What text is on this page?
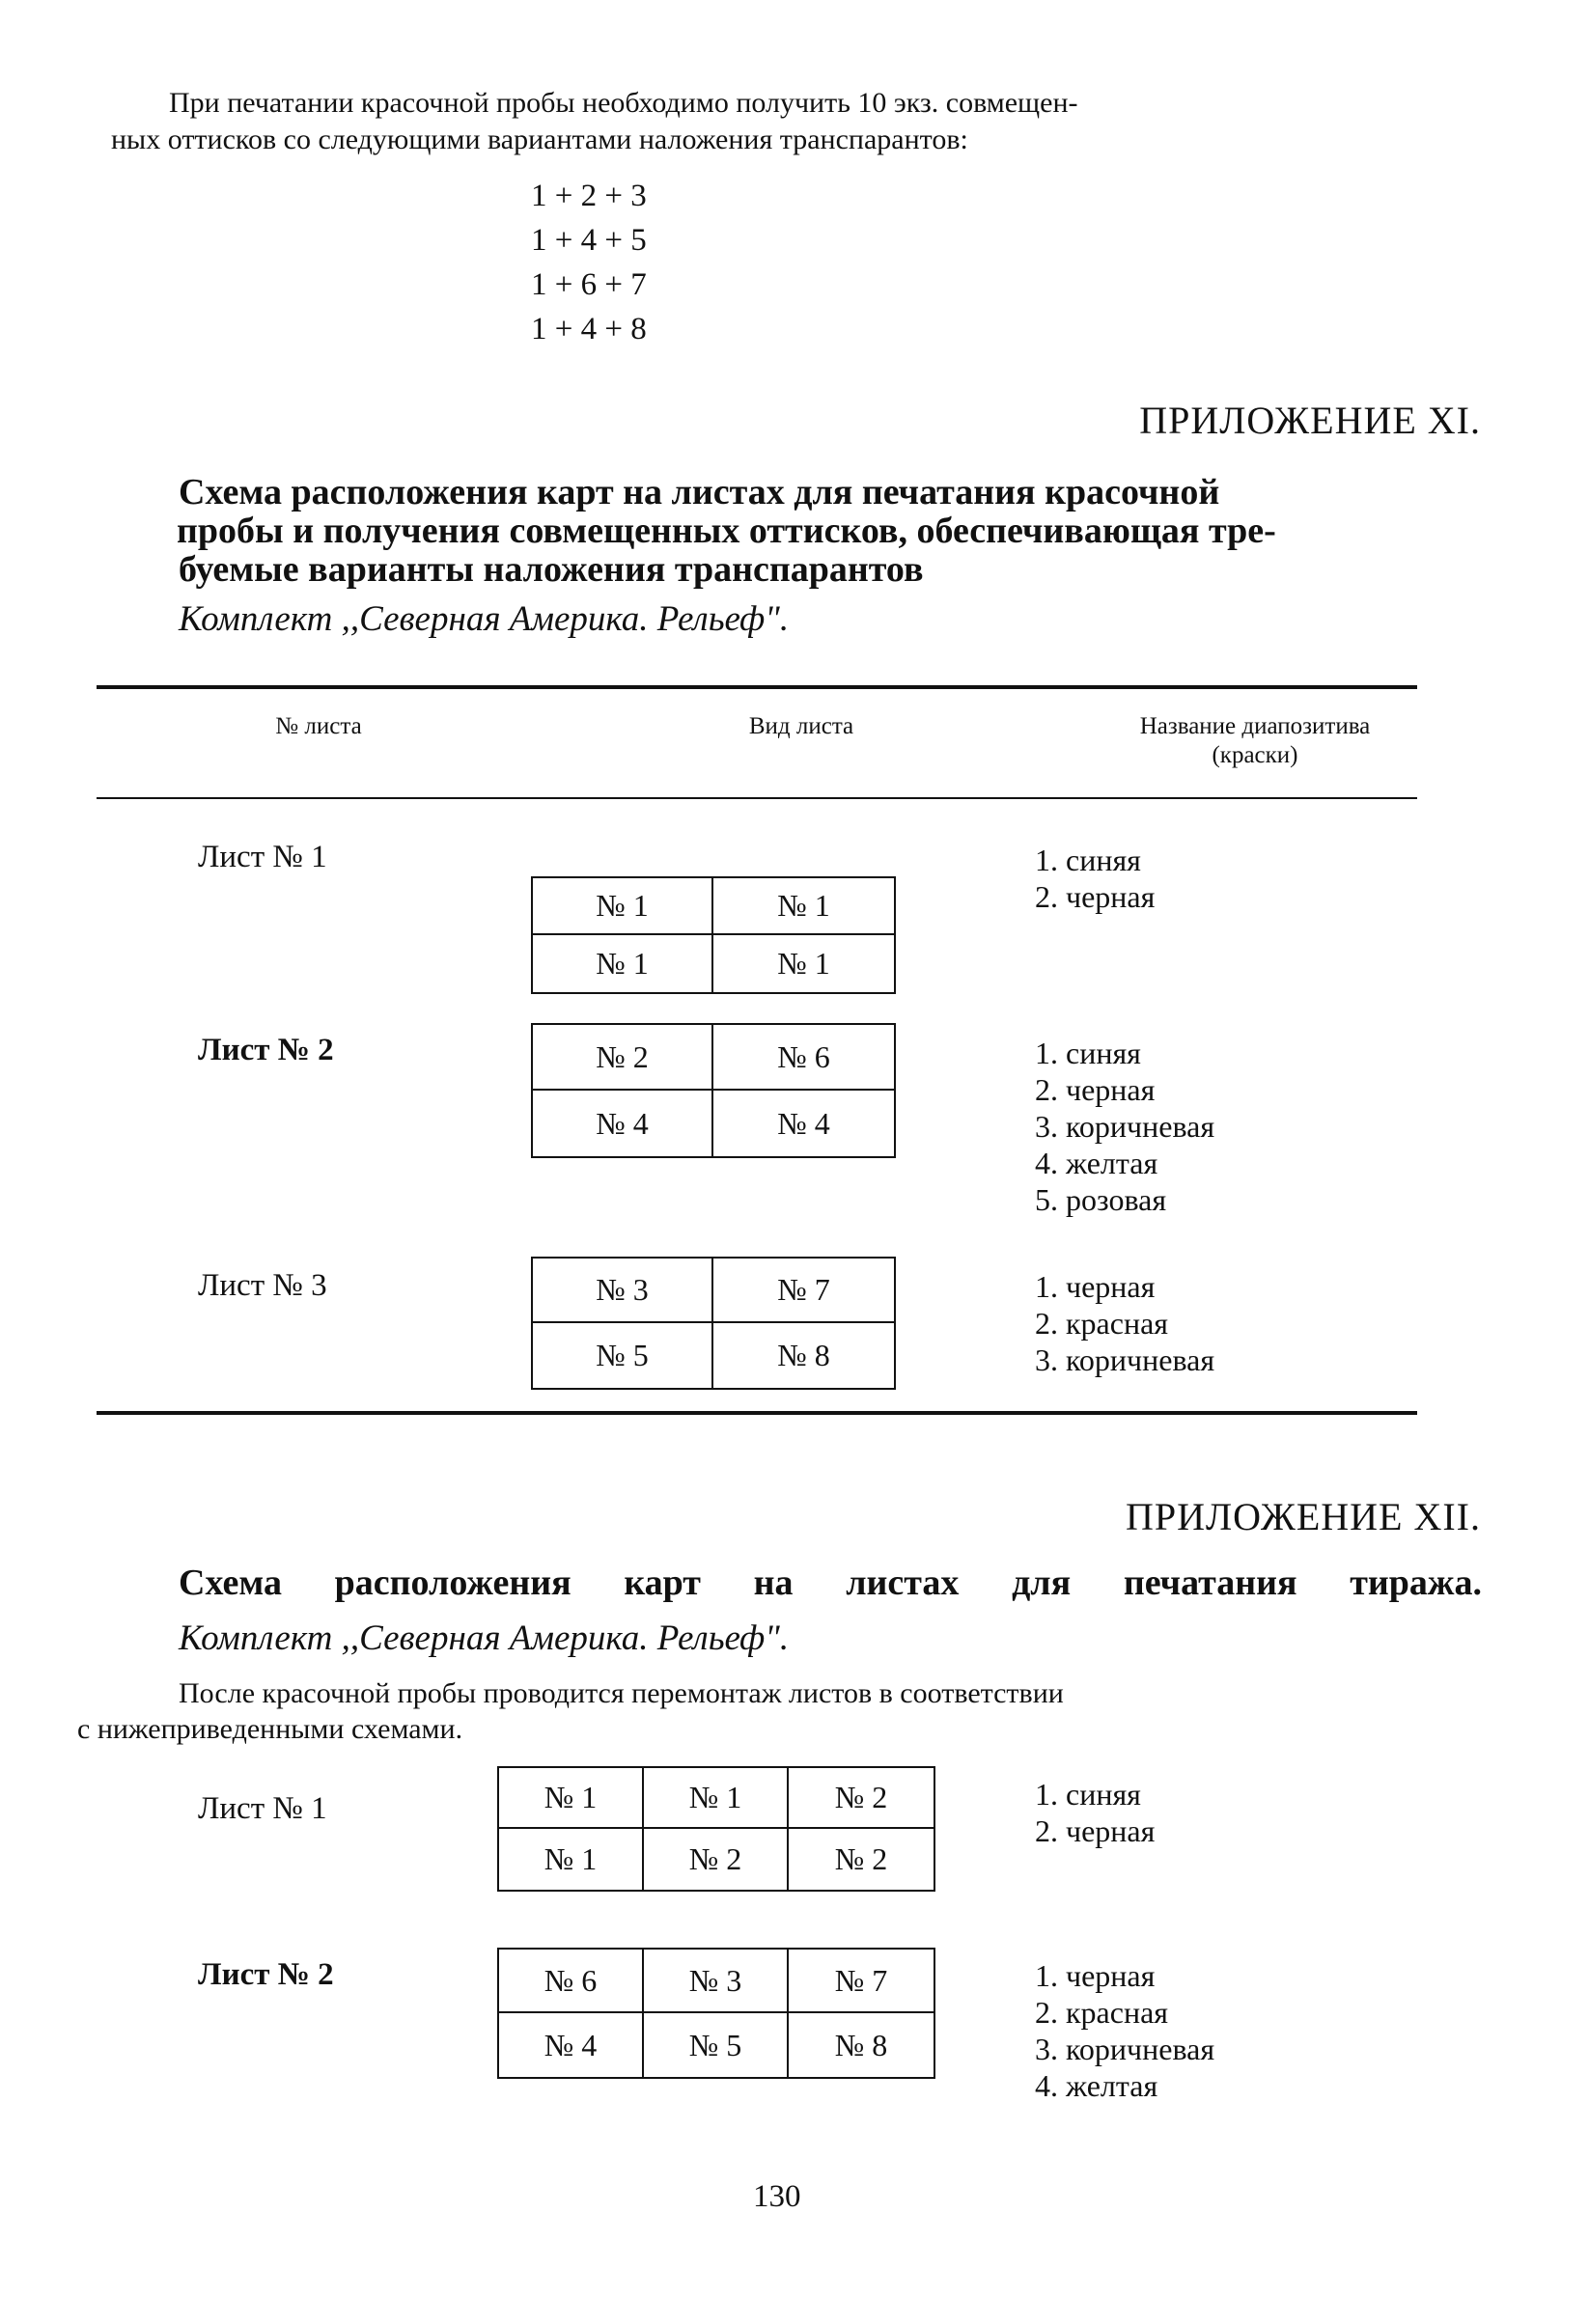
При печатании красочной пробы необходимо получить 10 экз. совмещен-
ных оттисков со следующими вариантами наложения транспарантов:

1 + 2 + 3
1 + 4 + 5
1 + 6 + 7
1 + 4 + 8
ПРИЛОЖЕНИЕ XI.

Схема расположения карт на листах для печатания красочной
пробы и получения совмещенных оттисков, обеспечивающая тре-
буемые варианты наложения транспарантов

Комплект ,,Северная Америка. Рельеф".
№ листа	Вид листа	Название диапозитива
(краски)
Лист № 1
№ 1	№ 1
№ 1	№ 1
1. синяя
2. черная
Лист № 2	№ 2	№ 6
№ 4	№ 4
1. синяя
2. черная
3. коричневая
4. желтая
5. розовая
Лист № 3	№ 3	№ 7
№ 5	№ 8
1. черная
2. красная
3. коричневая
ПРИЛОЖЕНИЕ XII.
Схема расположения карт на листах для печатания тиража.
Комплект ,,Северная Америка. Рельеф".

После красочной пробы проводится перемонтаж листов в соответствии
с нижеприведенными схемами.

Лист № 1	№ 1	№ 1	№ 2
№ 1	№ 2	№ 2
1. синяя
2. черная
Лист № 2	№ 6	№ 3	№ 7
№ 4	№ 5	№ 8
1. черная
2. красная
3. коричневая
4. желтая
130
